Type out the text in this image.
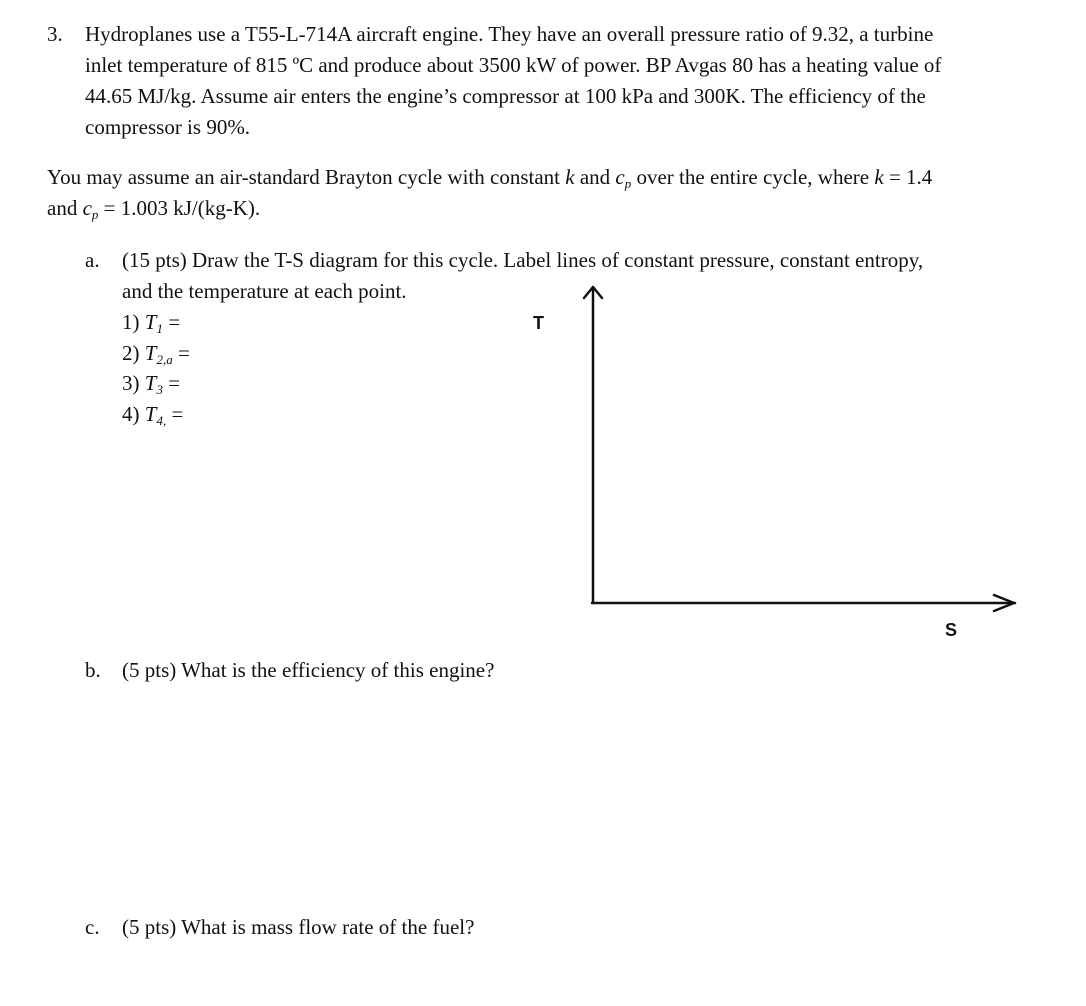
3. Hydroplanes use a T55-L-714A aircraft engine. They have an overall pressure ratio of 9.32, a turbine
inlet temperature of 815 ºC and produce about 3500 kW of power. BP Avgas 80 has a heating value of
44.65 MJ/kg. Assume air enters the engine’s compressor at 100 kPa and 300K. The efficiency of the
compressor is 90%.
You may assume an air-standard Brayton cycle with constant k and $c_p$ over the entire cycle, where k = 1.4
and $c_p = 1.003$ kJ/(kg-K).
a. (15 pts) Draw the T-S diagram for this cycle. Label lines of constant pressure, constant entropy,
and the temperature at each point.
1) $T_1$ =
2) $T_{2,a}$ =
3) $T_3$ =
4) $T_{4,}$ =
T
S
b. (5 pts) What is the efficiency of this engine?
c. (5 pts) What is mass flow rate of the fuel?
